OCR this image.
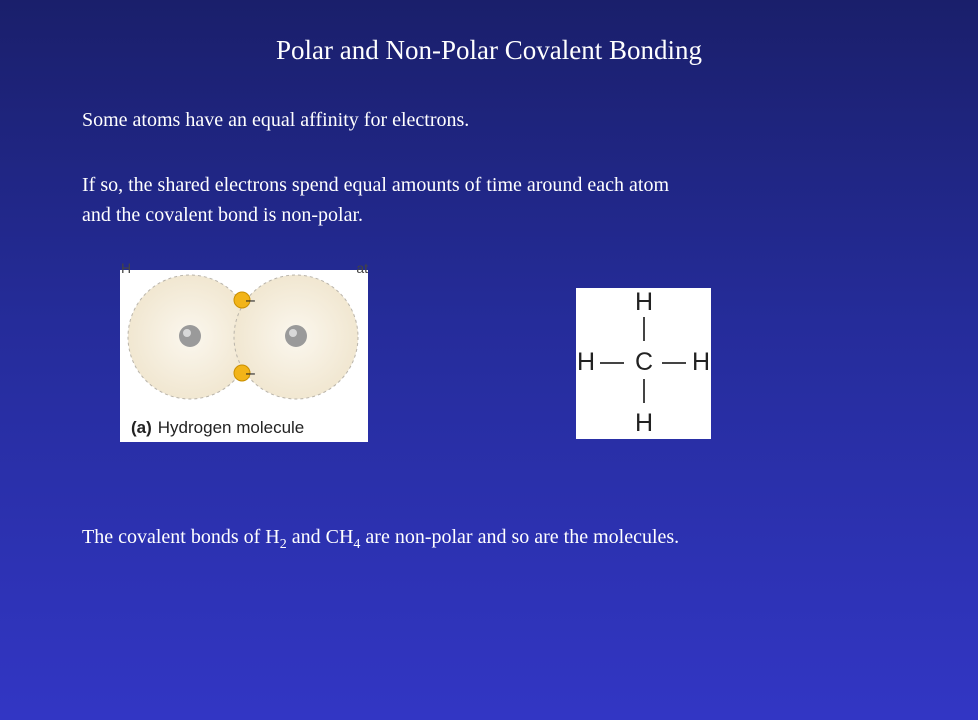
Polar and Non-Polar Covalent Bonding
Some atoms have an equal affinity for electrons.
If so, the shared electrons spend equal amounts of time around each atom
and the covalent bond is non-polar.
–
–
H	at
(a) Hydrogen molecule
H
H C H
H
The covalent bonds of $H_2$ and $CH_4$ are non-polar and so are the molecules.
